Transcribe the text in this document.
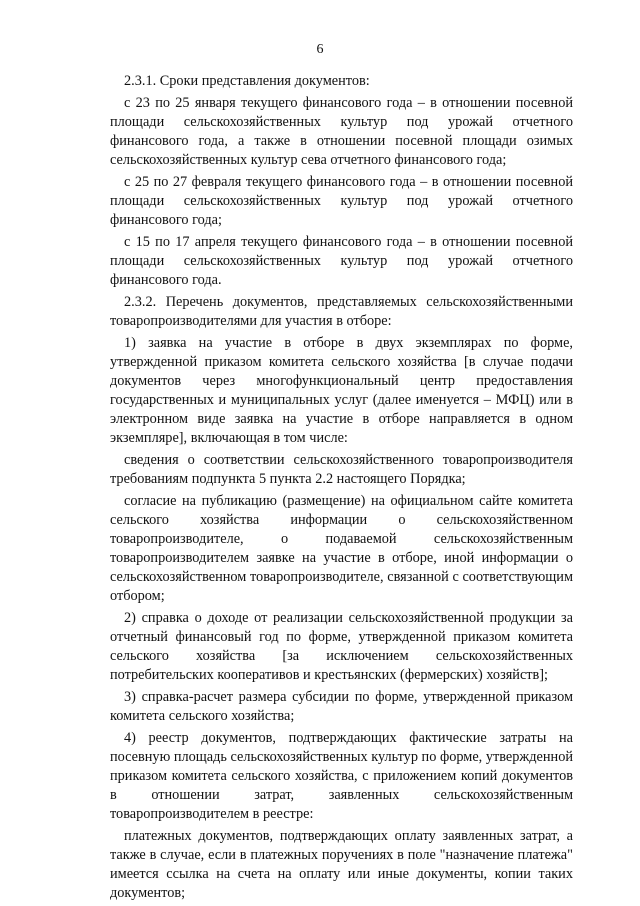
6

2.3.1. Сроки представления документов:

с 23 по 25 января текущего финансового года – в отношении посевной площади сельскохозяйственных культур под урожай отчетного финансового года, а также в отношении посевной площади озимых сельскохозяйственных культур сева отчетного финансового года;

с 25 по 27 февраля текущего финансового года – в отношении посевной площади сельскохозяйственных культур под урожай отчетного финансового года;

с 15 по 17 апреля текущего финансового года – в отношении посевной площади сельскохозяйственных культур под урожай отчетного финансового года.

2.3.2. Перечень документов, представляемых сельскохозяйственными товаропроизводителями для участия в отборе:

1) заявка на участие в отборе в двух экземплярах по форме, утвержденной приказом комитета сельского хозяйства [в случае подачи документов через многофункциональный центр предоставления государственных и муниципальных услуг (далее именуется – МФЦ) или в электронном виде заявка на участие в отборе направляется в одном экземпляре], включающая в том числе:

сведения о соответствии сельскохозяйственного товаропроизводителя требованиям подпункта 5 пункта 2.2 настоящего Порядка;

согласие на публикацию (размещение) на официальном сайте комитета сельского хозяйства информации о сельскохозяйственном товаропроизводителе, о подаваемой сельскохозяйственным товаропроизводителем заявке на участие в отборе, иной информации о сельскохозяйственном товаропроизводителе, связанной с соответствующим отбором;

2) справка о доходе от реализации сельскохозяйственной продукции за отчетный финансовый год по форме, утвержденной приказом комитета сельского хозяйства [за исключением сельскохозяйственных потребительских кооперативов и крестьянских (фермерских) хозяйств];

3) справка-расчет размера субсидии по форме, утвержденной приказом комитета сельского хозяйства;

4) реестр документов, подтверждающих фактические затраты на посевную площадь сельскохозяйственных культур по форме, утвержденной приказом комитета сельского хозяйства, с приложением копий документов в отношении затрат, заявленных сельскохозяйственным товаропроизводителем в реестре:

платежных документов, подтверждающих оплату заявленных затрат, а также в случае, если в платежных поручениях в поле "назначение платежа" имеется ссылка на счета на оплату или иные документы, копии таких документов;
